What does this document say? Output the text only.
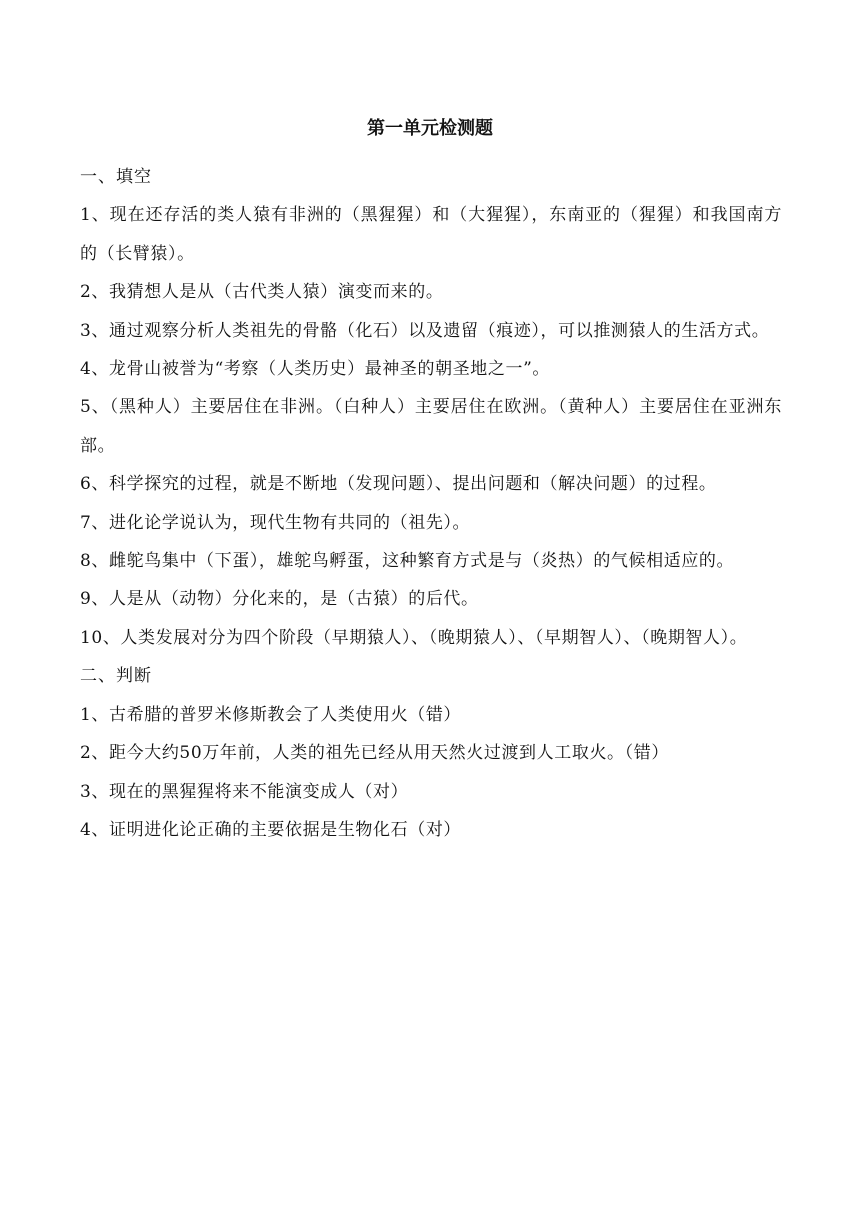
第一单元检测题

一、填空

1、现在还存活的类人猿有非洲的（黑猩猩）和（大猩猩），东南亚的（猩猩）和我国南方的（长臂猿）。

2、我猜想人是从（古代类人猿）演变而来的。

3、通过观察分析人类祖先的骨骼（化石）以及遗留（痕迹），可以推测猿人的生活方式。

4、龙骨山被誉为“考察（人类历史）最神圣的朝圣地之一”。

5、（黑种人）主要居住在非洲。（白种人）主要居住在欧洲。（黄种人）主要居住在亚洲东部。

6、科学探究的过程，就是不断地（发现问题）、提出问题和（解决问题）的过程。

7、进化论学说认为，现代生物有共同的（祖先）。

8、雌鸵鸟集中（下蛋），雄鸵鸟孵蛋，这种繁育方式是与（炎热）的气候相适应的。

9、人是从（动物）分化来的，是（古猿）的后代。

10、人类发展对分为四个阶段（早期猿人）、（晚期猿人）、（早期智人）、（晚期智人）。

二、判断

1、古希腊的普罗米修斯教会了人类使用火（错）

2、距今大约50万年前，人类的祖先已经从用天然火过渡到人工取火。（错）

3、现在的黑猩猩将来不能演变成人（对）

4、证明进化论正确的主要依据是生物化石（对）
